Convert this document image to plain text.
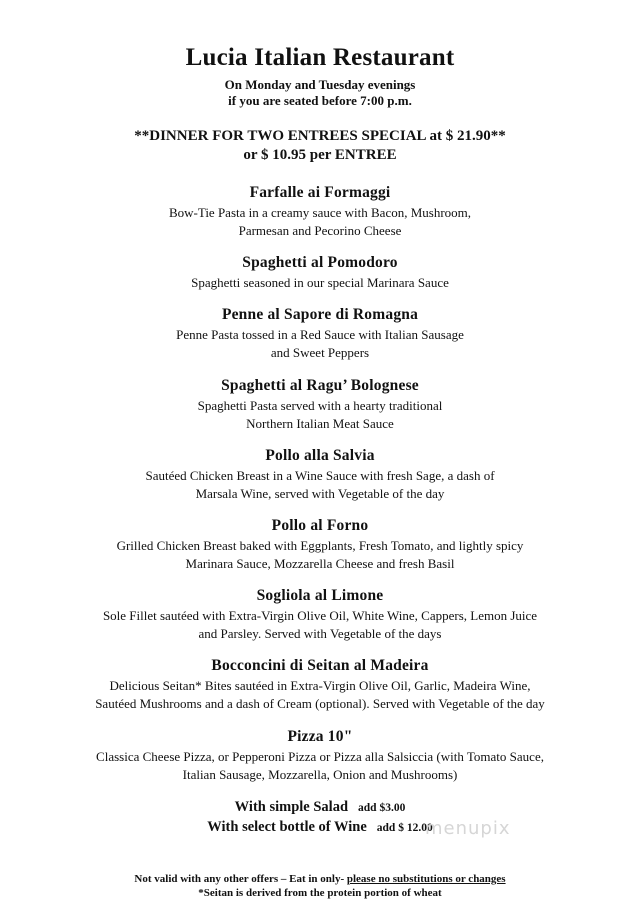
Lucia Italian Restaurant
On Monday and Tuesday evenings
if you are seated before 7:00 p.m.
**DINNER FOR TWO ENTREES SPECIAL at $ 21.90**
or $ 10.95 per ENTREE
Farfalle ai Formaggi
Bow-Tie Pasta in a creamy sauce with Bacon, Mushroom,
Parmesan and Pecorino Cheese
Spaghetti al Pomodoro
Spaghetti seasoned in our special Marinara Sauce
Penne al Sapore di Romagna
Penne Pasta tossed in a Red Sauce with Italian Sausage
and Sweet Peppers
Spaghetti al Ragu’ Bolognese
Spaghetti Pasta served with a hearty traditional
Northern Italian Meat Sauce
Pollo alla Salvia
Sautéed Chicken Breast in a Wine Sauce with fresh Sage, a dash of
Marsala Wine, served with Vegetable of the day
Pollo al Forno
Grilled Chicken Breast baked with Eggplants, Fresh Tomato, and lightly spicy
Marinara Sauce, Mozzarella Cheese and fresh Basil
Sogliola al Limone
Sole Fillet sautéed with Extra-Virgin Olive Oil, White Wine, Cappers, Lemon Juice
and Parsley. Served with Vegetable of the days
Bocconcini di Seitan al Madeira
Delicious Seitan* Bites sautéed in Extra-Virgin Olive Oil, Garlic, Madeira Wine,
Sautéed Mushrooms and a dash of Cream (optional). Served with Vegetable of the day
Pizza 10"
Classica Cheese Pizza, or Pepperoni Pizza or Pizza alla Salsiccia (with Tomato Sauce,
Italian Sausage, Mozzarella, Onion and Mushrooms)
With simple Salad add $3.00
With select bottle of Wine add $ 12.00
menupix
Not valid with any other offers – Eat in only- please no substitutions or changes
*Seitan is derived from the protein portion of wheat
